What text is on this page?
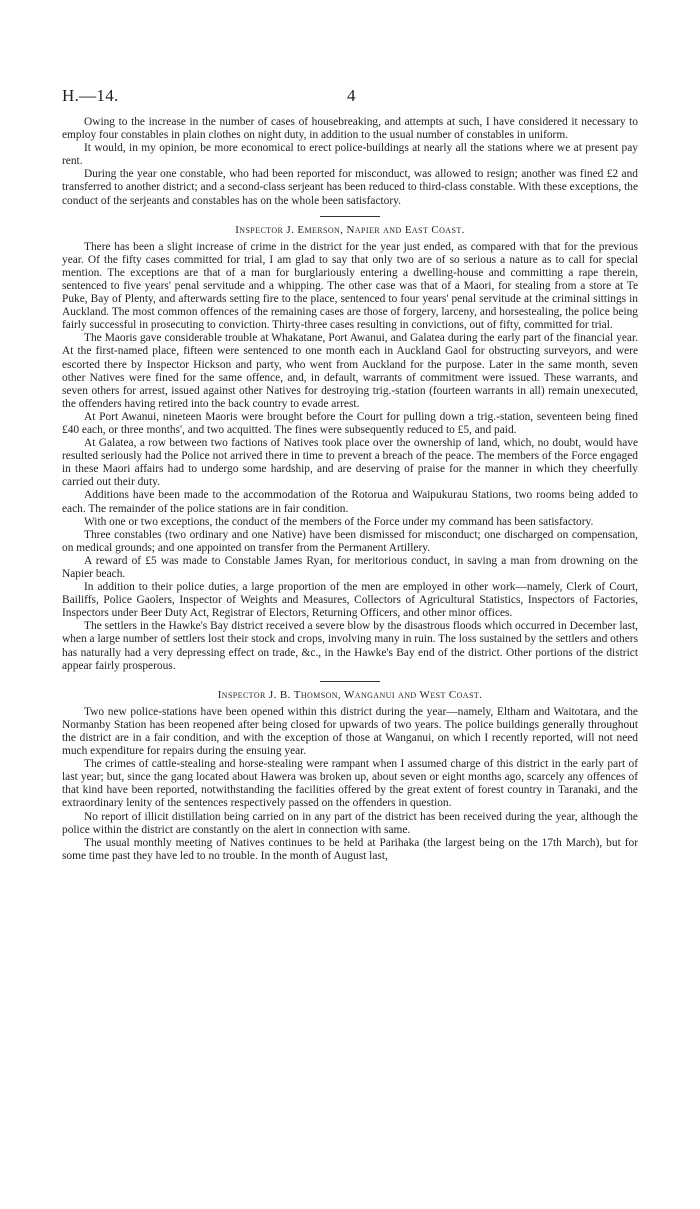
H.—14.	4

Owing to the increase in the number of cases of housebreaking, and attempts at such, I have considered it necessary to employ four constables in plain clothes on night duty, in addition to the usual number of constables in uniform.

It would, in my opinion, be more economical to erect police-buildings at nearly all the stations where we at present pay rent.

During the year one constable, who had been reported for misconduct, was allowed to resign; another was fined £2 and transferred to another district; and a second-class serjeant has been reduced to third-class constable. With these exceptions, the conduct of the serjeants and constables has on the whole been satisfactory.

Inspector J. Emerson, Napier and East Coast.

There has been a slight increase of crime in the district for the year just ended, as compared with that for the previous year. Of the fifty cases committed for trial, I am glad to say that only two are of so serious a nature as to call for special mention. The exceptions are that of a man for burglariously entering a dwelling-house and committing a rape therein, sentenced to five years' penal servitude and a whipping. The other case was that of a Maori, for stealing from a store at Te Puke, Bay of Plenty, and afterwards setting fire to the place, sentenced to four years' penal servitude at the criminal sittings in Auckland. The most common offences of the remaining cases are those of forgery, larceny, and horsestealing, the police being fairly successful in prosecuting to conviction. Thirty-three cases resulting in convictions, out of fifty, committed for trial.

The Maoris gave considerable trouble at Whakatane, Port Awanui, and Galatea during the early part of the financial year. At the first-named place, fifteen were sentenced to one month each in Auckland Gaol for obstructing surveyors, and were escorted there by Inspector Hickson and party, who went from Auckland for the purpose. Later in the same month, seven other Natives were fined for the same offence, and, in default, warrants of commitment were issued. These warrants, and seven others for arrest, issued against other Natives for destroying trig.-station (fourteen warrants in all) remain unexecuted, the offenders having retired into the back country to evade arrest.

At Port Awanui, nineteen Maoris were brought before the Court for pulling down a trig.-station, seventeen being fined £40 each, or three months', and two acquitted. The fines were subsequently reduced to £5, and paid.

At Galatea, a row between two factions of Natives took place over the ownership of land, which, no doubt, would have resulted seriously had the Police not arrived there in time to prevent a breach of the peace. The members of the Force engaged in these Maori affairs had to undergo some hardship, and are deserving of praise for the manner in which they cheerfully carried out their duty.

Additions have been made to the accommodation of the Rotorua and Waipukurau Stations, two rooms being added to each. The remainder of the police stations are in fair condition.

With one or two exceptions, the conduct of the members of the Force under my command has been satisfactory.

Three constables (two ordinary and one Native) have been dismissed for misconduct; one discharged on compensation, on medical grounds; and one appointed on transfer from the Permanent Artillery.

A reward of £5 was made to Constable James Ryan, for meritorious conduct, in saving a man from drowning on the Napier beach.

In addition to their police duties, a large proportion of the men are employed in other work—namely, Clerk of Court, Bailiffs, Police Gaolers, Inspector of Weights and Measures, Collectors of Agricultural Statistics, Inspectors of Factories, Inspectors under Beer Duty Act, Registrar of Electors, Returning Officers, and other minor offices.

The settlers in the Hawke's Bay district received a severe blow by the disastrous floods which occurred in December last, when a large number of settlers lost their stock and crops, involving many in ruin. The loss sustained by the settlers and others has naturally had a very depressing effect on trade, &c., in the Hawke's Bay end of the district. Other portions of the district appear fairly prosperous.

Inspector J. B. Thomson, Wanganui and West Coast.

Two new police-stations have been opened within this district during the year—namely, Eltham and Waitotara, and the Normanby Station has been reopened after being closed for upwards of two years. The police buildings generally throughout the district are in a fair condition, and with the exception of those at Wanganui, on which I recently reported, will not need much expenditure for repairs during the ensuing year.

The crimes of cattle-stealing and horse-stealing were rampant when I assumed charge of this district in the early part of last year; but, since the gang located about Hawera was broken up, about seven or eight months ago, scarcely any offences of that kind have been reported, notwithstanding the facilities offered by the great extent of forest country in Taranaki, and the extraordinary lenity of the sentences respectively passed on the offenders in question.

No report of illicit distillation being carried on in any part of the district has been received during the year, although the police within the district are constantly on the alert in connection with same.

The usual monthly meeting of Natives continues to be held at Parihaka (the largest being on the 17th March), but for some time past they have led to no trouble. In the month of August last,
